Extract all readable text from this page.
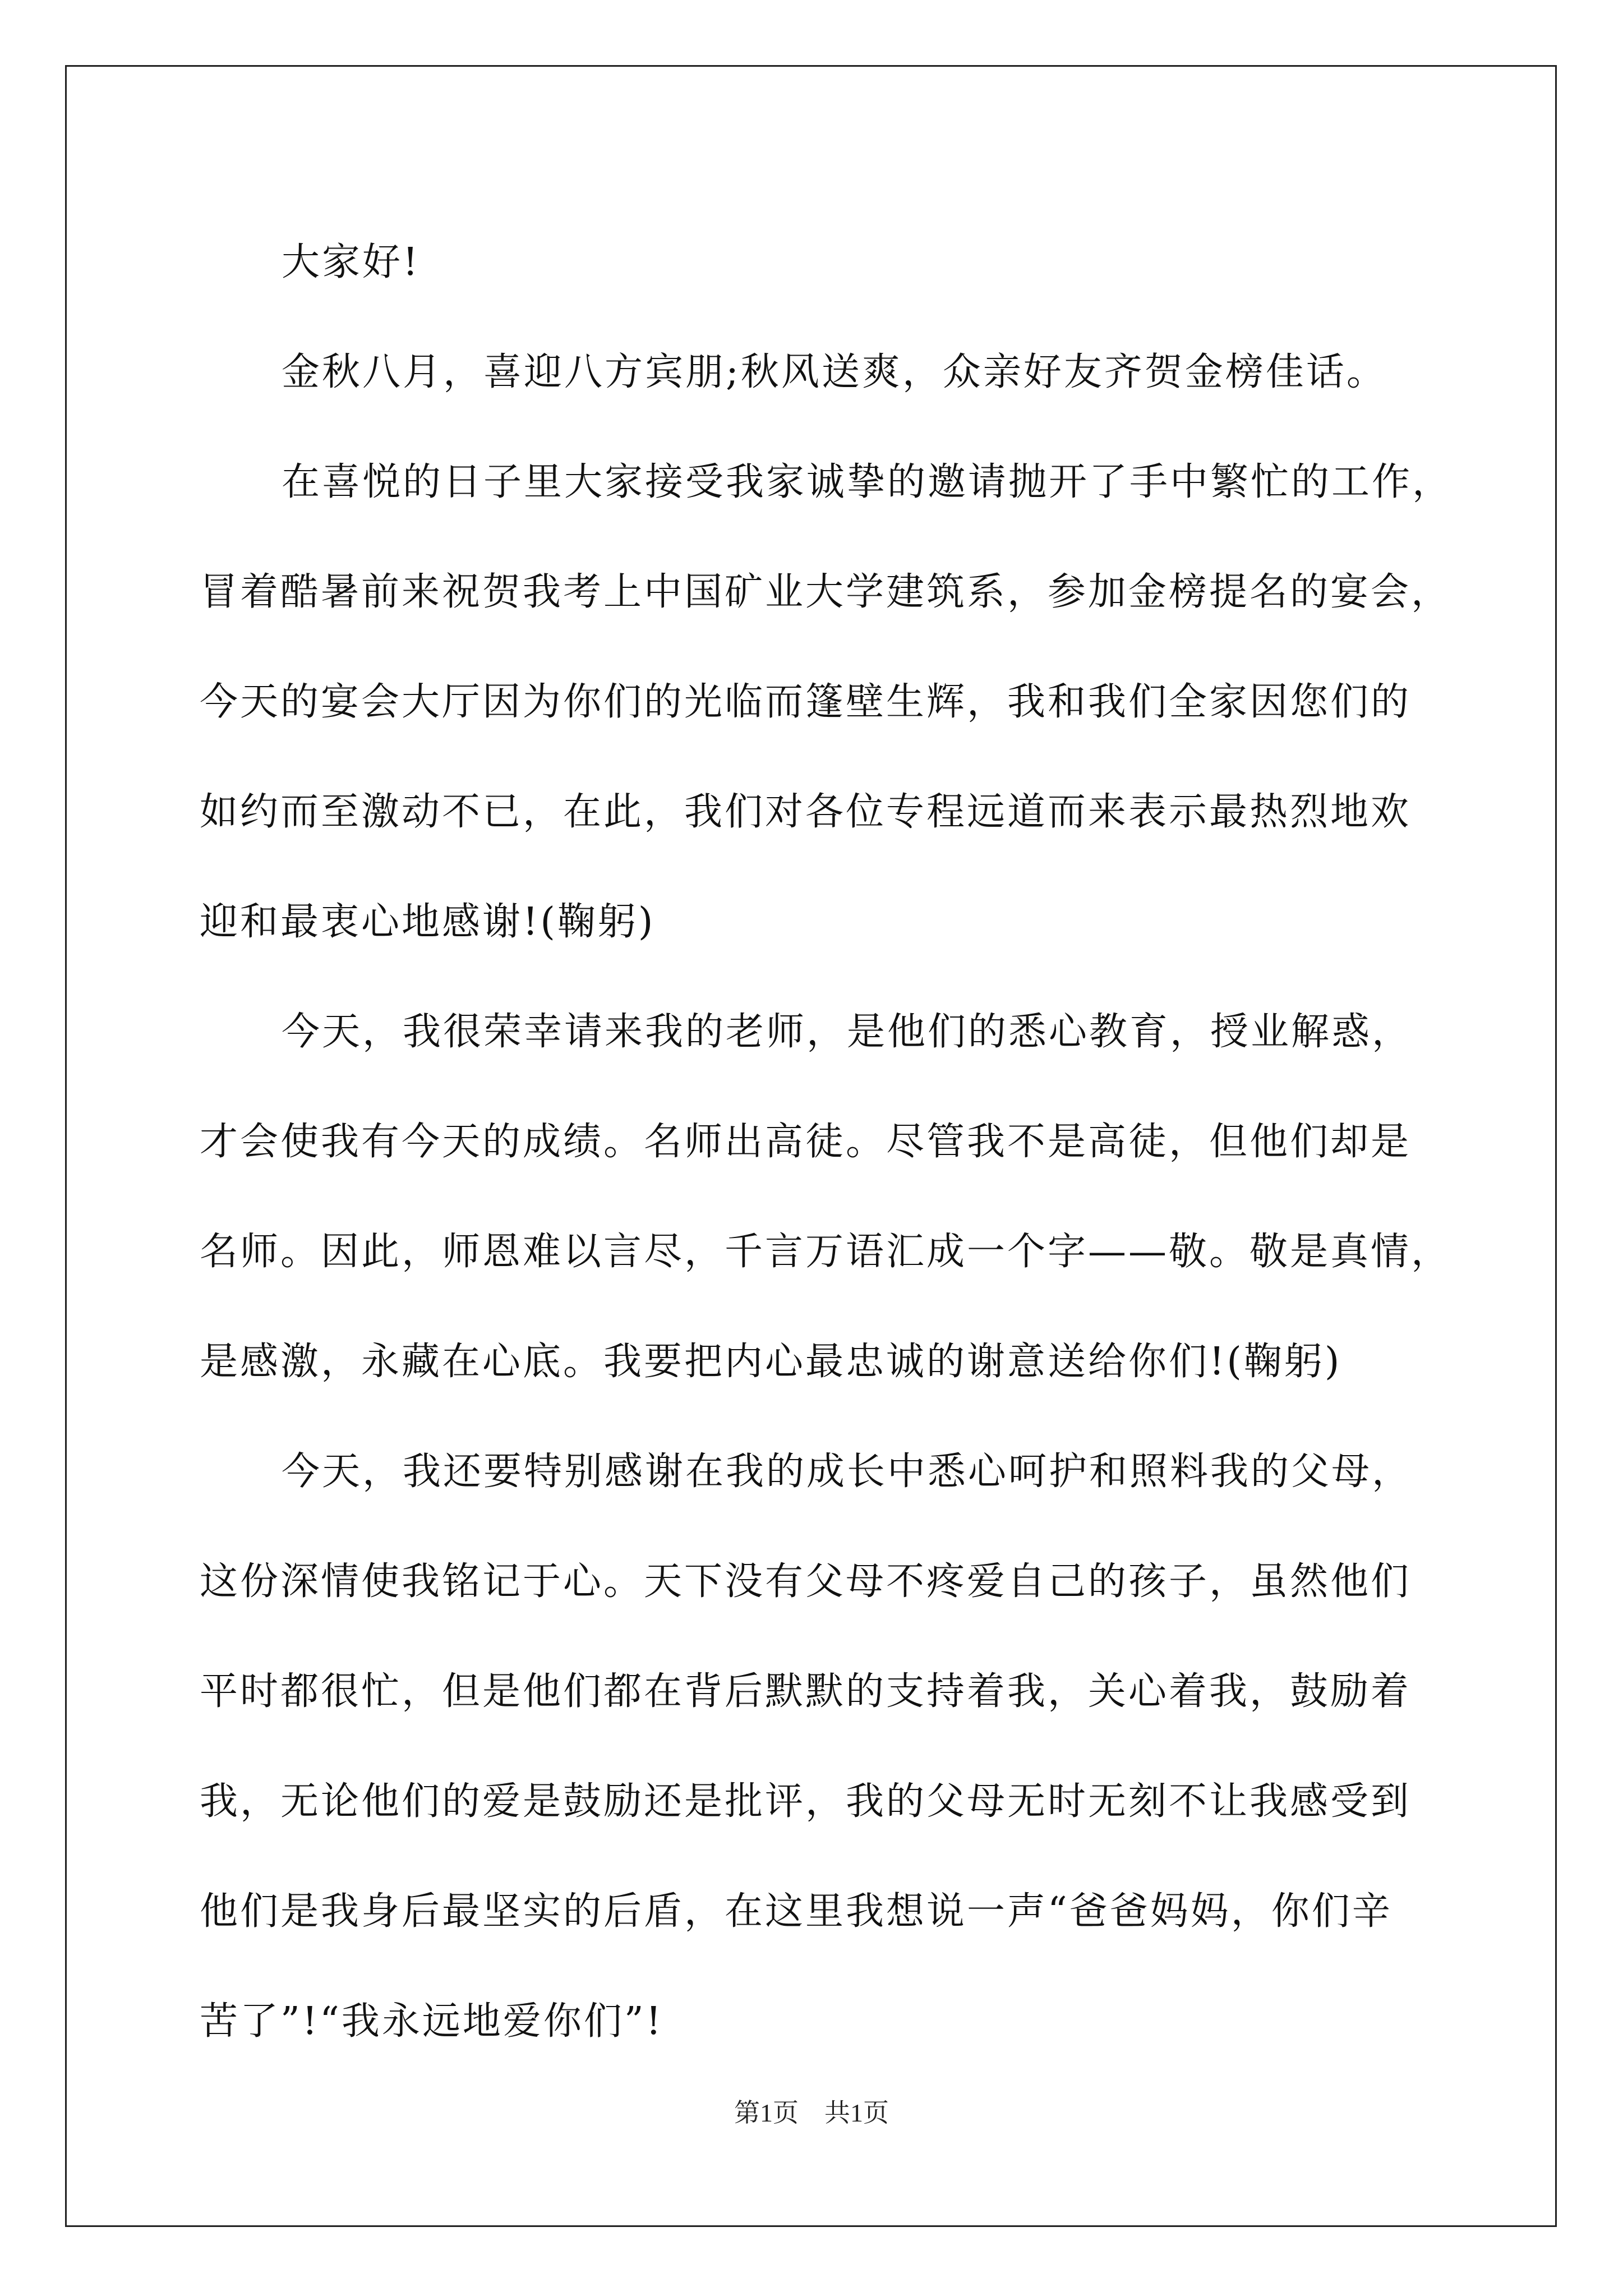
大家好!

金秋八月，喜迎八方宾朋;秋风送爽，众亲好友齐贺金榜佳话。

在喜悦的日子里大家接受我家诚挚的邀请抛开了手中繁忙的工作，
冒着酷暑前来祝贺我考上中国矿业大学建筑系，参加金榜提名的宴会，
今天的宴会大厅因为你们的光临而篷壁生辉，我和我们全家因您们的
如约而至激动不已，在此，我们对各位专程远道而来表示最热烈地欢
迎和最衷心地感谢!(鞠躬)

今天，我很荣幸请来我的老师，是他们的悉心教育，授业解惑，
才会使我有今天的成绩。名师出高徒。尽管我不是高徒，但他们却是
名师。因此，师恩难以言尽，千言万语汇成一个字——敬。敬是真情，
是感激，永藏在心底。我要把内心最忠诚的谢意送给你们!(鞠躬)

今天，我还要特别感谢在我的成长中悉心呵护和照料我的父母，
这份深情使我铭记于心。天下没有父母不疼爱自己的孩子，虽然他们
平时都很忙，但是他们都在背后默默的支持着我，关心着我，鼓励着
我，无论他们的爱是鼓励还是批评，我的父母无时无刻不让我感受到
他们是我身后最坚实的后盾，在这里我想说一声“爸爸妈妈，你们辛
苦了”!“我永远地爱你们”!

第1页　共1页
